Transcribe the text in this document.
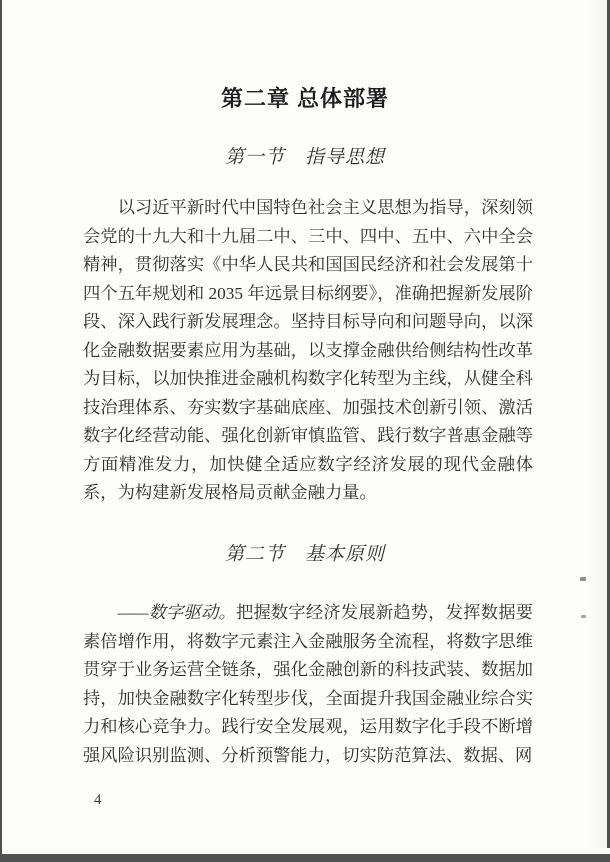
第二章 总体部署
第一节　指导思想

以习近平新时代中国特色社会主义思想为指导，深刻领会党的十九大和十九届二中、三中、四中、五中、六中全会精神，贯彻落实《中华人民共和国国民经济和社会发展第十四个五年规划和 2035 年远景目标纲要》，准确把握新发展阶段、深入践行新发展理念。坚持目标导向和问题导向，以深化金融数据要素应用为基础，以支撑金融供给侧结构性改革为目标，以加快推进金融机构数字化转型为主线，从健全科技治理体系、夯实数字基础底座、加强技术创新引领、激活数字化经营动能、强化创新审慎监管、践行数字普惠金融等方面精准发力，加快健全适应数字经济发展的现代金融体系，为构建新发展格局贡献金融力量。

第二节　基本原则

——数字驱动。把握数字经济发展新趋势，发挥数据要素倍增作用，将数字元素注入金融服务全流程，将数字思维贯穿于业务运营全链条，强化金融创新的科技武装、数据加持，加快金融数字化转型步伐，全面提升我国金融业综合实力和核心竞争力。践行安全发展观，运用数字化手段不断增强风险识别监测、分析预警能力，切实防范算法、数据、网

4
